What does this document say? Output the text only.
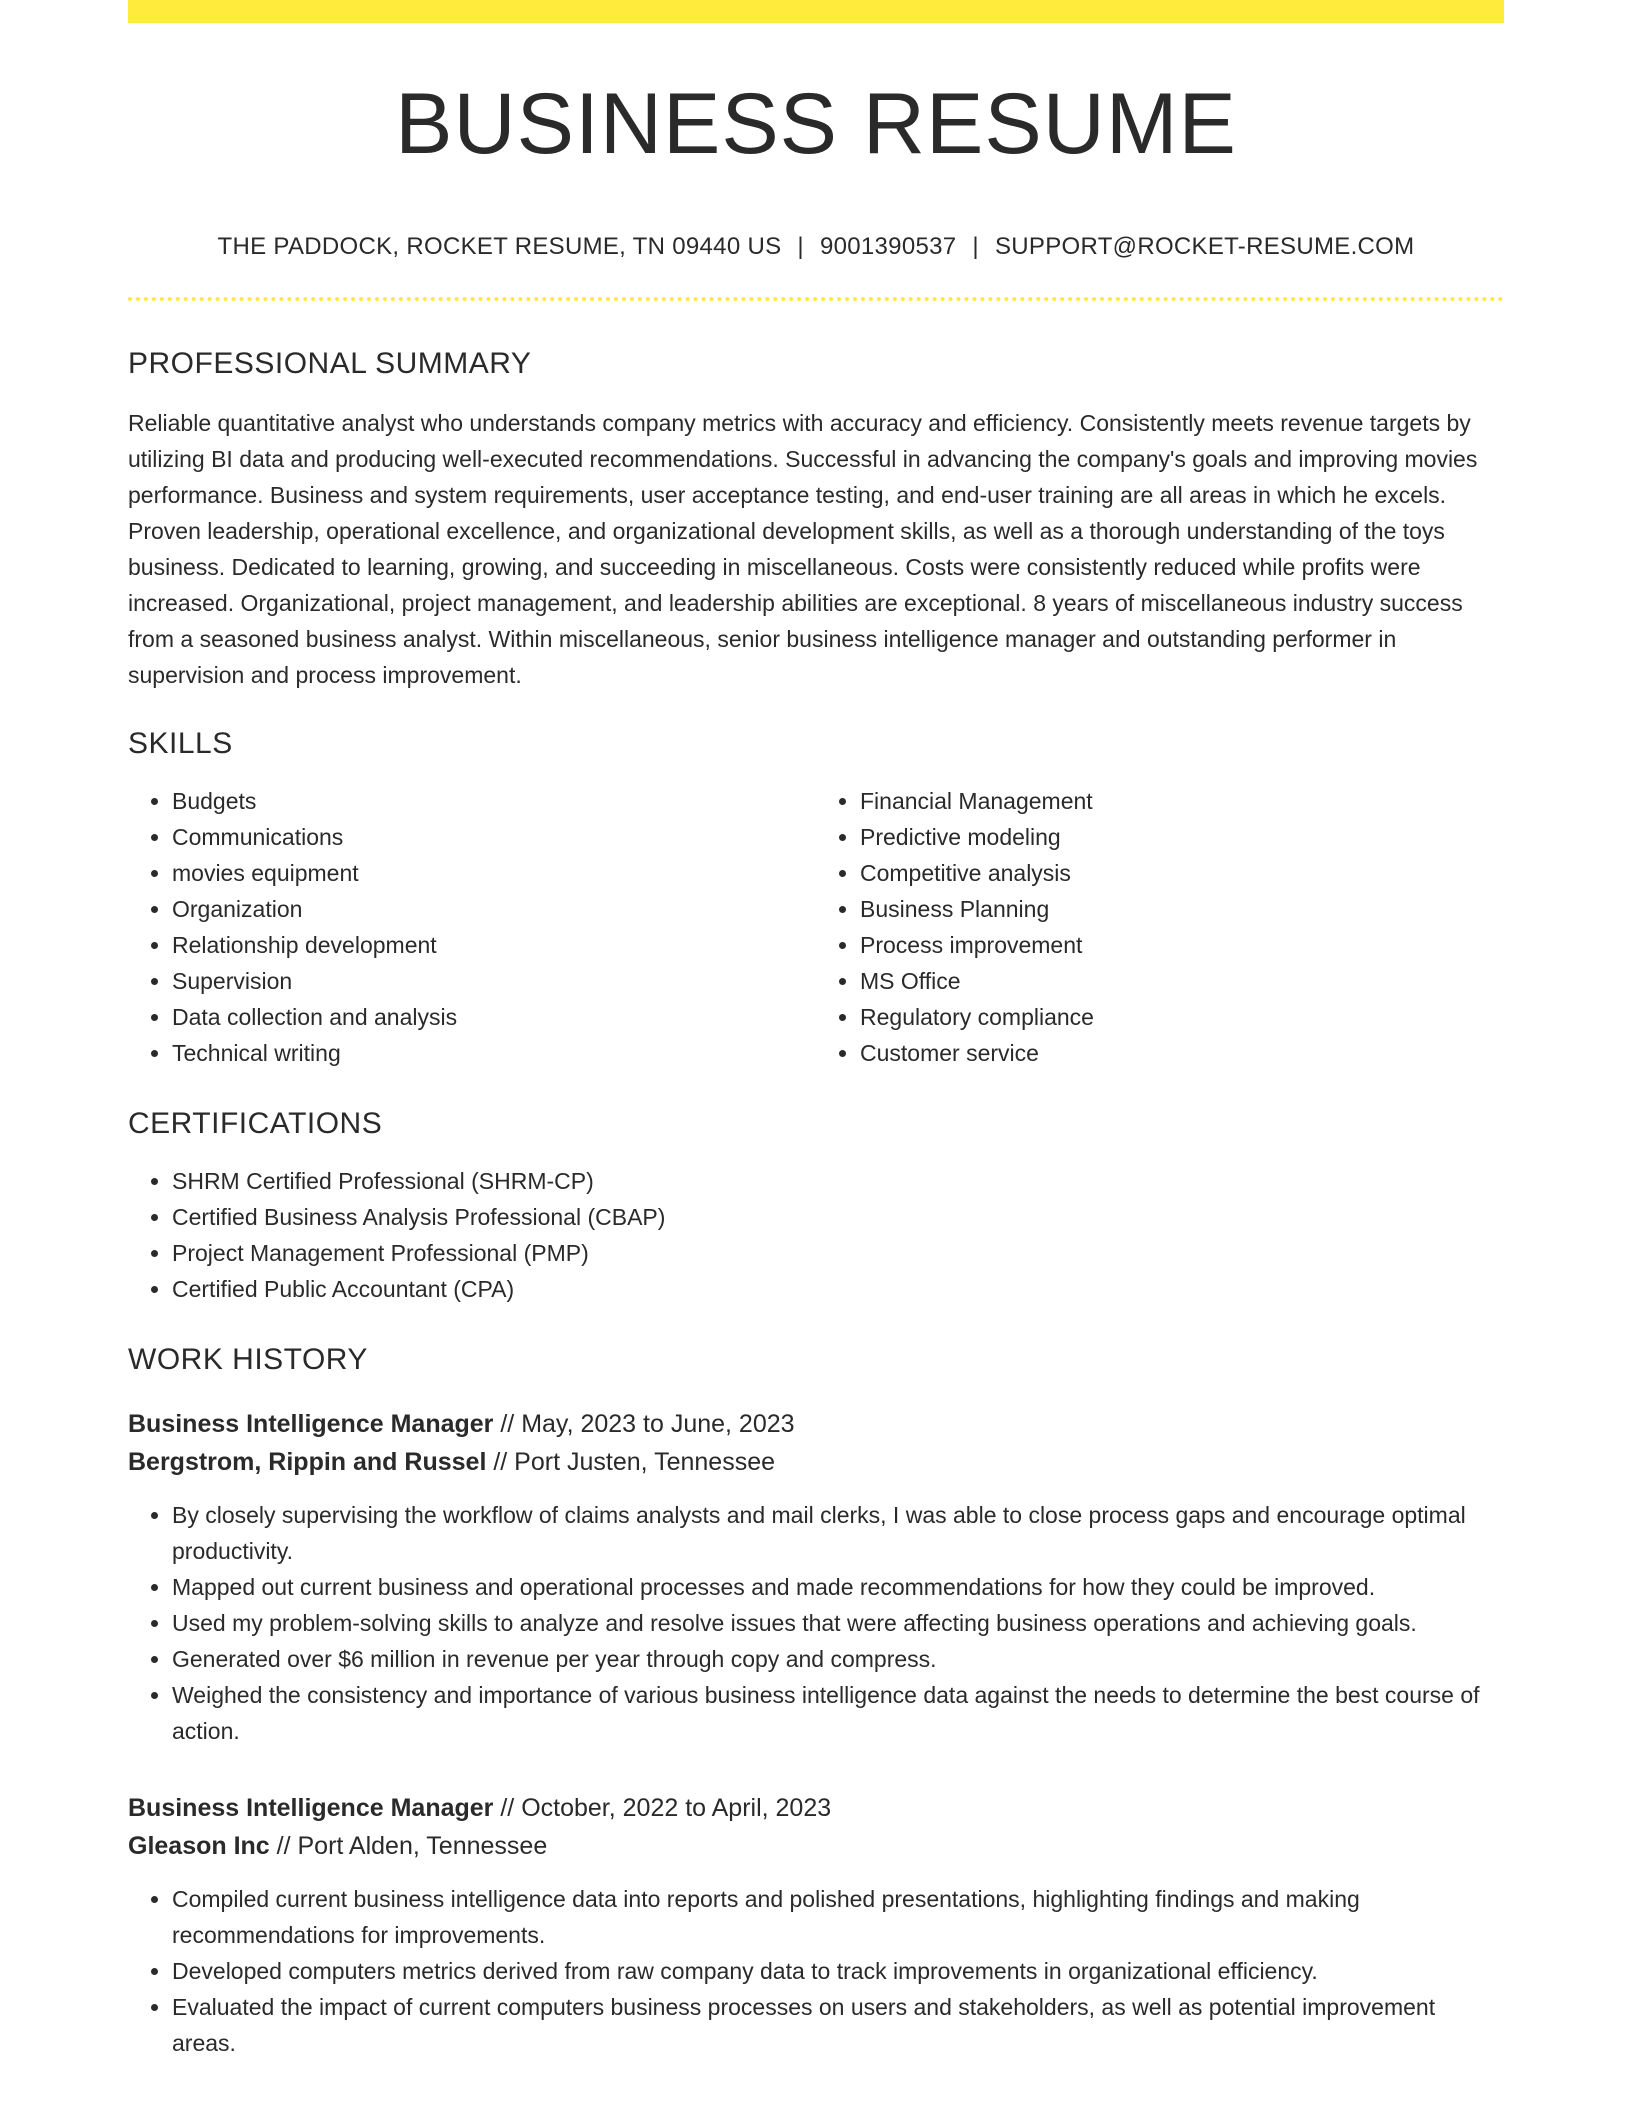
BUSINESS RESUME
THE PADDOCK, ROCKET RESUME, TN 09440 US | 9001390537 | SUPPORT@ROCKET-RESUME.COM
PROFESSIONAL SUMMARY
Reliable quantitative analyst who understands company metrics with accuracy and efficiency. Consistently meets revenue targets by utilizing BI data and producing well-executed recommendations. Successful in advancing the company's goals and improving movies performance. Business and system requirements, user acceptance testing, and end-user training are all areas in which he excels. Proven leadership, operational excellence, and organizational development skills, as well as a thorough understanding of the toys business. Dedicated to learning, growing, and succeeding in miscellaneous. Costs were consistently reduced while profits were increased. Organizational, project management, and leadership abilities are exceptional. 8 years of miscellaneous industry success from a seasoned business analyst. Within miscellaneous, senior business intelligence manager and outstanding performer in supervision and process improvement.
SKILLS
• Budgets
• Communications
• movies equipment
• Organization
• Relationship development
• Supervision
• Data collection and analysis
• Technical writing
• Financial Management
• Predictive modeling
• Competitive analysis
• Business Planning
• Process improvement
• MS Office
• Regulatory compliance
• Customer service
CERTIFICATIONS
• SHRM Certified Professional (SHRM-CP)
• Certified Business Analysis Professional (CBAP)
• Project Management Professional (PMP)
• Certified Public Accountant (CPA)
WORK HISTORY
Business Intelligence Manager // May, 2023 to June, 2023
Bergstrom, Rippin and Russel // Port Justen, Tennessee
• By closely supervising the workflow of claims analysts and mail clerks, I was able to close process gaps and encourage optimal productivity.
• Mapped out current business and operational processes and made recommendations for how they could be improved.
• Used my problem-solving skills to analyze and resolve issues that were affecting business operations and achieving goals.
• Generated over $6 million in revenue per year through copy and compress.
• Weighed the consistency and importance of various business intelligence data against the needs to determine the best course of action.
Business Intelligence Manager // October, 2022 to April, 2023
Gleason Inc // Port Alden, Tennessee
• Compiled current business intelligence data into reports and polished presentations, highlighting findings and making recommendations for improvements.
• Developed computers metrics derived from raw company data to track improvements in organizational efficiency.
• Evaluated the impact of current computers business processes on users and stakeholders, as well as potential improvement areas.
